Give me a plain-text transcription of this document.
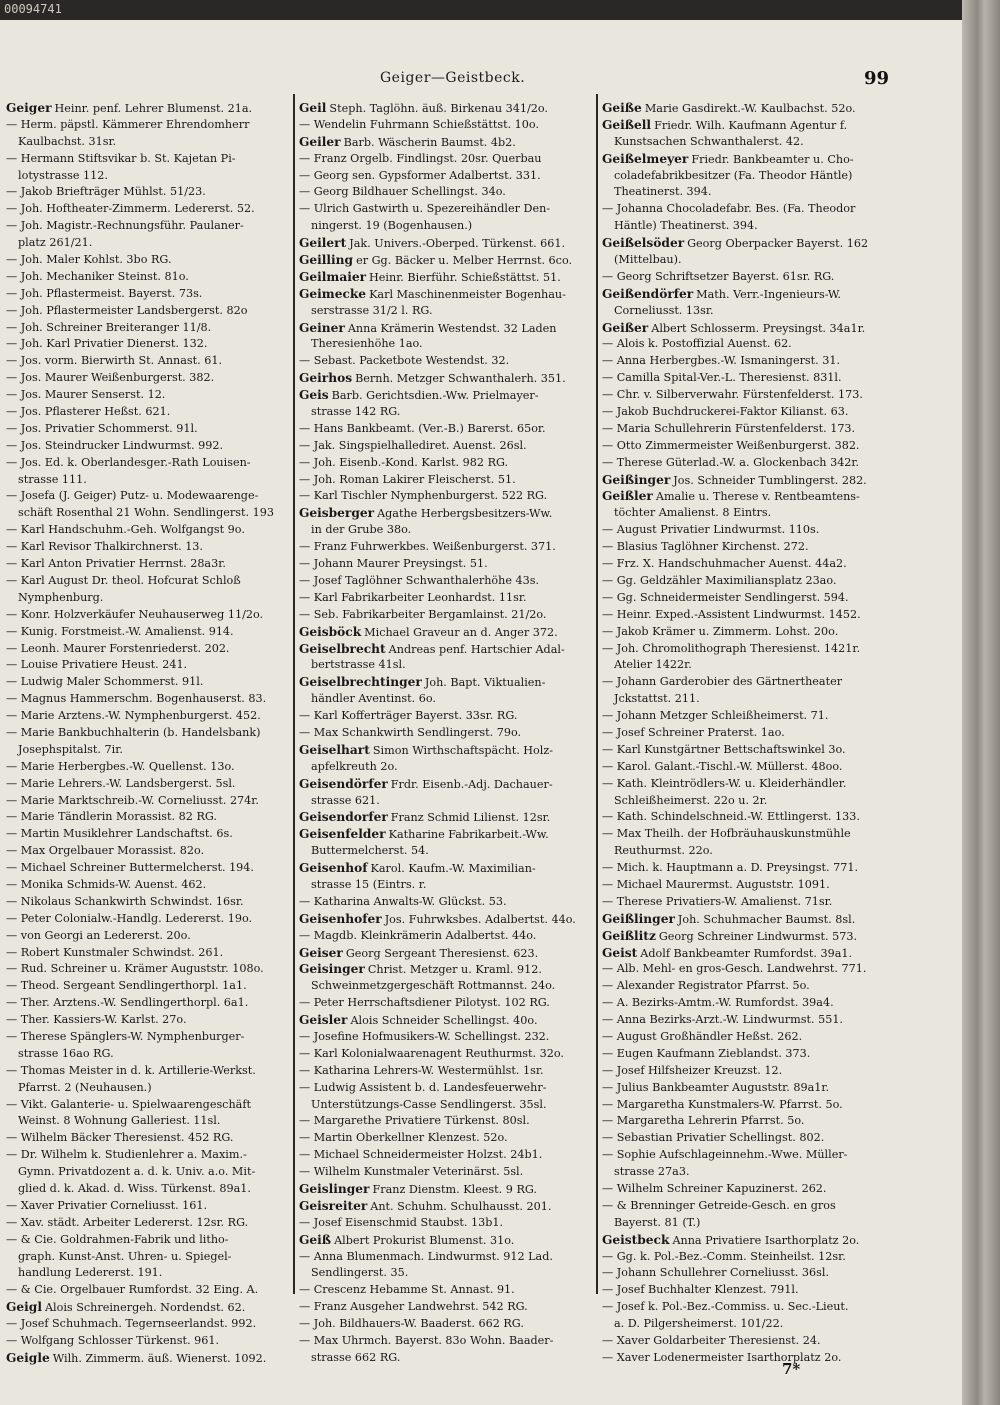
00094741
Geiger—Geistbeck.	99
Geiger Heinr. penf. Lehrer Blumenst. 21a.
— Herm. päpstl. Kämmerer Ehrendomherr
Kaulbachst. 31sr.
— Hermann Stiftsvikar b. St. Kajetan Pi-
lotystrasse 112.
— Jakob Briefträger Mühlst. 51/23.
— Joh. Hoftheater-Zimmerm. Ledererst. 52.
— Joh. Magistr.-Rechnungsführ. Paulaner-
platz 261/21.
— Joh. Maler Kohlst. 3bo RG.
— Joh. Mechaniker Steinst. 81o.
— Joh. Pflastermeist. Bayerst. 73s.
— Joh. Pflastermeister Landsbergerst. 82o
— Joh. Schreiner Breiteranger 11/8.
— Joh. Karl Privatier Dienerst. 132.
— Jos. vorm. Bierwirth St. Annast. 61.
— Jos. Maurer Weißenburgerst. 382.
— Jos. Maurer Senserst. 12.
— Jos. Pflasterer Heßst. 621.
— Jos. Privatier Schommerst. 91l.
— Jos. Steindrucker Lindwurmst. 992.
— Jos. Ed. k. Oberlandesger.-Rath Louisen-
strasse 111.
— Josefa (J. Geiger) Putz- u. Modewaarenge-
schäft Rosenthal 21 Wohn. Sendlingerst. 193
— Karl Handschuhm.-Geh. Wolfgangst 9o.
— Karl Revisor Thalkirchnerst. 13.
— Karl Anton Privatier Herrnst. 28a3r.
— Karl August Dr. theol. Hofcurat Schloß
Nymphenburg.
— Konr. Holzverkäufer Neuhauserweg 11/2o.
— Kunig. Forstmeist.-W. Amalienst. 914.
— Leonh. Maurer Forstenriederst. 202.
— Louise Privatiere Heust. 241.
— Ludwig Maler Schommerst. 91l.
— Magnus Hammerschm. Bogenhauserst. 83.
— Marie Arztens.-W. Nymphenburgerst. 452.
— Marie Bankbuchhalterin (b. Handelsbank)
Josephspitalst. 7ir.
— Marie Herbergbes.-W. Quellenst. 13o.
— Marie Lehrers.-W. Landsbergerst. 5sl.
— Marie Marktschreib.-W. Corneliusst. 274r.
— Marie Tändlerin Morassist. 82 RG.
— Martin Musiklehrer Landschaftst. 6s.
— Max Orgelbauer Morassist. 82o.
— Michael Schreiner Buttermelcherst. 194.
— Monika Schmids-W. Auenst. 462.
— Nikolaus Schankwirth Schwindst. 16sr.
— Peter Colonialw.-Handlg. Ledererst. 19o.
— von Georgi an Ledererst. 20o.
— Robert Kunstmaler Schwindst. 261.
— Rud. Schreiner u. Krämer Auguststr. 108o.
— Theod. Sergeant Sendlingerthorpl. 1a1.
— Ther. Arztens.-W. Sendlingerthorpl. 6a1.
— Ther. Kassiers-W. Karlst. 27o.
— Therese Spänglers-W. Nymphenburger-
strasse 16ao RG.
— Thomas Meister in d. k. Artillerie-Werkst.
Pfarrst. 2 (Neuhausen.)
— Vikt. Galanterie- u. Spielwaarengeschäft
Weinst. 8 Wohnung Galleriest. 11sl.
— Wilhelm Bäcker Theresienst. 452 RG.
— Dr. Wilhelm k. Studienlehrer a. Maxim.-
Gymn. Privatdozent a. d. k. Univ. a.o. Mit-
glied d. k. Akad. d. Wiss. Türkenst. 89a1.
— Xaver Privatier Corneliusst. 161.
— Xav. städt. Arbeiter Ledererst. 12sr. RG.
— & Cie. Goldrahmen-Fabrik und litho-
graph. Kunst-Anst. Uhren- u. Spiegel-
handlung Ledererst. 191.
— & Cie. Orgelbauer Rumfordst. 32 Eing. A.
Geigl Alois Schreinergeh. Nordendst. 62.
— Josef Schuhmach. Tegernseerlandst. 992.
— Wolfgang Schlosser Türkenst. 961.
Geigle Wilh. Zimmerm. äuß. Wienerst. 1092.
Geil Steph. Taglöhn. äuß. Birkenau 341/2o.
— Wendelin Fuhrmann Schießstättst. 10o.
Geiler Barb. Wäscherin Baumst. 4b2.
— Franz Orgelb. Findlingst. 20sr. Querbau
— Georg sen. Gypsformer Adalbertst. 331.
— Georg Bildhauer Schellingst. 34o.
— Ulrich Gastwirth u. Spezereihändler Den-
ningerst. 19 (Bogenhausen.)
Geilert Jak. Univers.-Oberped. Türkenst. 661.
Geilling er Gg. Bäcker u. Melber Herrnst. 6co.
Geilmaier Heinr. Bierführ. Schießstättst. 51.
Geimecke Karl Maschinenmeister Bogenhau-
serstrasse 31/2 l. RG.
Geiner Anna Krämerin Westendst. 32 Laden
Theresienhöhe 1ao.
— Sebast. Packetbote Westendst. 32.
Geirhos Bernh. Metzger Schwanthalerh. 351.
Geis Barb. Gerichtsdien.-Ww. Prielmayer-
strasse 142 RG.
— Hans Bankbeamt. (Ver.-B.) Barerst. 65or.
— Jak. Singspielhallediret. Auenst. 26sl.
— Joh. Eisenb.-Kond. Karlst. 982 RG.
— Joh. Roman Lakirer Fleischerst. 51.
— Karl Tischler Nymphenburgerst. 522 RG.
Geisberger Agathe Herbergsbesitzers-Ww.
in der Grube 38o.
— Franz Fuhrwerkbes. Weißenburgerst. 371.
— Johann Maurer Preysingst. 51.
— Josef Taglöhner Schwanthalerhöhe 43s.
— Karl Fabrikarbeiter Leonhardst. 11sr.
— Seb. Fabrikarbeiter Bergamlainst. 21/2o.
Geisböck Michael Graveur an d. Anger 372.
Geiselbrecht Andreas penf. Hartschier Adal-
bertstrasse 41sl.
Geiselbrechtinger Joh. Bapt. Viktualien-
händler Aventinst. 6o.
— Karl Kofferträger Bayerst. 33sr. RG.
— Max Schankwirth Sendlingerst. 79o.
Geiselhart Simon Wirthschaftspächt. Holz-
apfelkreuth 2o.
Geisendörfer Frdr. Eisenb.-Adj. Dachauer-
strasse 621.
Geisendorfer Franz Schmid Lilienst. 12sr.
Geisenfelder Katharine Fabrikarbeit.-Ww.
Buttermelcherst. 54.
Geisenhof Karol. Kaufm.-W. Maximilian-
strasse 15 (Eintrs. r.
— Katharina Anwalts-W. Glückst. 53.
Geisenhofer Jos. Fuhrwksbes. Adalbertst. 44o.
— Magdb. Kleinkrämerin Adalbertst. 44o.
Geiser Georg Sergeant Theresienst. 623.
Geisinger Christ. Metzger u. Kraml. 912.
Schweinmetzgergeschäft Rottmannst. 24o.
— Peter Herrschaftsdiener Pilotyst. 102 RG.
Geisler Alois Schneider Schellingst. 40o.
— Josefine Hofmusikers-W. Schellingst. 232.
— Karl Kolonialwaarenagent Reuthurmst. 32o.
— Katharina Lehrers-W. Westermühlst. 1sr.
— Ludwig Assistent b. d. Landesfeuerwehr-
Unterstützungs-Casse Sendlingerst. 35sl.
— Margarethe Privatiere Türkenst. 80sl.
— Martin Oberkellner Klenzest. 52o.
— Michael Schneidermeister Holzst. 24b1.
— Wilhelm Kunstmaler Veterinärst. 5sl.
Geislinger Franz Dienstm. Kleest. 9 RG.
Geisreiter Ant. Schuhm. Schulhausst. 201.
— Josef Eisenschmid Staubst. 13b1.
Geiß Albert Prokurist Blumenst. 31o.
— Anna Blumenmach. Lindwurmst. 912 Lad.
Sendlingerst. 35.
— Crescenz Hebamme St. Annast. 91.
— Franz Ausgeher Landwehrst. 542 RG.
— Joh. Bildhauers-W. Baaderst. 662 RG.
— Max Uhrmch. Bayerst. 83o Wohn. Baader-
strasse 662 RG.
Geiße Marie Gasdirekt.-W. Kaulbachst. 52o.
Geißell Friedr. Wilh. Kaufmann Agentur f.
Kunstsachen Schwanthalerst. 42.
Geißelmeyer Friedr. Bankbeamter u. Cho-
coladefabrikbesitzer (Fa. Theodor Häntle)
Theatinerst. 394.
— Johanna Chocoladefabr. Bes. (Fa. Theodor
Häntle) Theatinerst. 394.
Geißelsöder Georg Oberpacker Bayerst. 162
(Mittelbau).
— Georg Schriftsetzer Bayerst. 61sr. RG.
Geißendörfer Math. Verr.-Ingenieurs-W.
Corneliusst. 13sr.
Geißer Albert Schlosserm. Preysingst. 34a1r.
— Alois k. Postoffizial Auenst. 62.
— Anna Herbergbes.-W. Ismaningerst. 31.
— Camilla Spital-Ver.-L. Theresienst. 831l.
— Chr. v. Silberverwahr. Fürstenfelderst. 173.
— Jakob Buchdruckerei-Faktor Kilianst. 63.
— Maria Schullehrerin Fürstenfelderst. 173.
— Otto Zimmermeister Weißenburgerst. 382.
— Therese Güterlad.-W. a. Glockenbach 342r.
Geißinger Jos. Schneider Tumblingerst. 282.
Geißler Amalie u. Therese v. Rentbeamtens-
töchter Amalienst. 8 Eintrs.
— August Privatier Lindwurmst. 110s.
— Blasius Taglöhner Kirchenst. 272.
— Frz. X. Handschuhmacher Auenst. 44a2.
— Gg. Geldzähler Maximiliansplatz 23ao.
— Gg. Schneidermeister Sendlingerst. 594.
— Heinr. Exped.-Assistent Lindwurmst. 1452.
— Jakob Krämer u. Zimmerm. Lohst. 20o.
— Joh. Chromolithograph Theresienst. 1421r.
Atelier 1422r.
— Johann Garderobier des Gärtnertheater
Jckstattst. 211.
— Johann Metzger Schleißheimerst. 71.
— Josef Schreiner Praterst. 1ao.
— Karl Kunstgärtner Bettschaftswinkel 3o.
— Karol. Galant.-Tischl.-W. Müllerst. 48oo.
— Kath. Kleintrödlers-W. u. Kleiderhändler.
Schleißheimerst. 22o u. 2r.
— Kath. Schindelschneid.-W. Ettlingerst. 133.
— Max Theilh. der Hofbräuhauskunstmühle
Reuthurmst. 22o.
— Mich. k. Hauptmann a. D. Preysingst. 771.
— Michael Maurermst. Auguststr. 1091.
— Therese Privatiers-W. Amalienst. 71sr.
Geißlinger Joh. Schuhmacher Baumst. 8sl.
Geißlitz Georg Schreiner Lindwurmst. 573.
Geist Adolf Bankbeamter Rumfordst. 39a1.
— Alb. Mehl- en gros-Gesch. Landwehrst. 771.
— Alexander Registrator Pfarrst. 5o.
— A. Bezirks-Amtm.-W. Rumfordst. 39a4.
— Anna Bezirks-Arzt.-W. Lindwurmst. 551.
— August Großhändler Heßst. 262.
— Eugen Kaufmann Zieblandst. 373.
— Josef Hilfsheizer Kreuzst. 12.
— Julius Bankbeamter Auguststr. 89a1r.
— Margaretha Kunstmalers-W. Pfarrst. 5o.
— Margaretha Lehrerin Pfarrst. 5o.
— Sebastian Privatier Schellingst. 802.
— Sophie Aufschlageinnehm.-Wwe. Müller-
strasse 27a3.
— Wilhelm Schreiner Kapuzinerst. 262.
— & Brenninger Getreide-Gesch. en gros
Bayerst. 81 (T.)
Geistbeck Anna Privatiere Isarthorplatz 2o.
— Gg. k. Pol.-Bez.-Comm. Steinheilst. 12sr.
— Johann Schullehrer Corneliusst. 36sl.
— Josef Buchhalter Klenzest. 791l.
— Josef k. Pol.-Bez.-Commiss. u. Sec.-Lieut.
a. D. Pilgersheimerst. 101/22.
— Xaver Goldarbeiter Theresienst. 24.
— Xaver Lodenermeister Isarthorplatz 2o.
7*
